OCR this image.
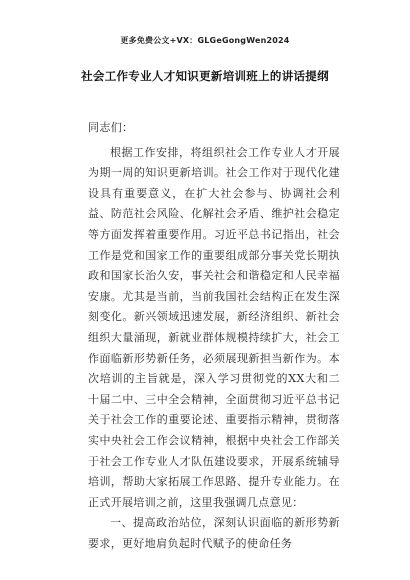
更多免费公文+VX：GLGeGongWen2024
社会工作专业人才知识更新培训班上的讲话提纲

同志们：

根据工作安排，将组织社会工作专业人才开展为期一周的知识更新培训。社会工作对于现代化建设具有重要意义，在扩大社会参与、协调社会利益、防范社会风险、化解社会矛盾、维护社会稳定等方面发挥着重要作用。习近平总书记指出，社会工作是党和国家工作的重要组成部分事关党长期执政和国家长治久安，事关社会和谐稳定和人民幸福安康。尤其是当前，当前我国社会结构正在发生深刻变化。新兴领域迅速发展，新经济组织、新社会组织大量涌现，新就业群体规模持续扩大，社会工作面临新形势新任务，必须展现新担当新作为。本次培训的主旨就是，深入学习贯彻党的XX大和二十届二中、三中全会精神，全面贯彻习近平总书记关于社会工作的重要论述、重要指示精神，贯彻落实中央社会工作会议精神，根据中央社会工作部关于社会工作专业人才队伍建设要求，开展系统辅导培训，帮助大家拓展工作思路、提升专业能力。在正式开展培训之前，这里我强调几点意见：

一、提高政治站位，深刻认识面临的新形势新要求，更好地肩负起时代赋予的使命任务
